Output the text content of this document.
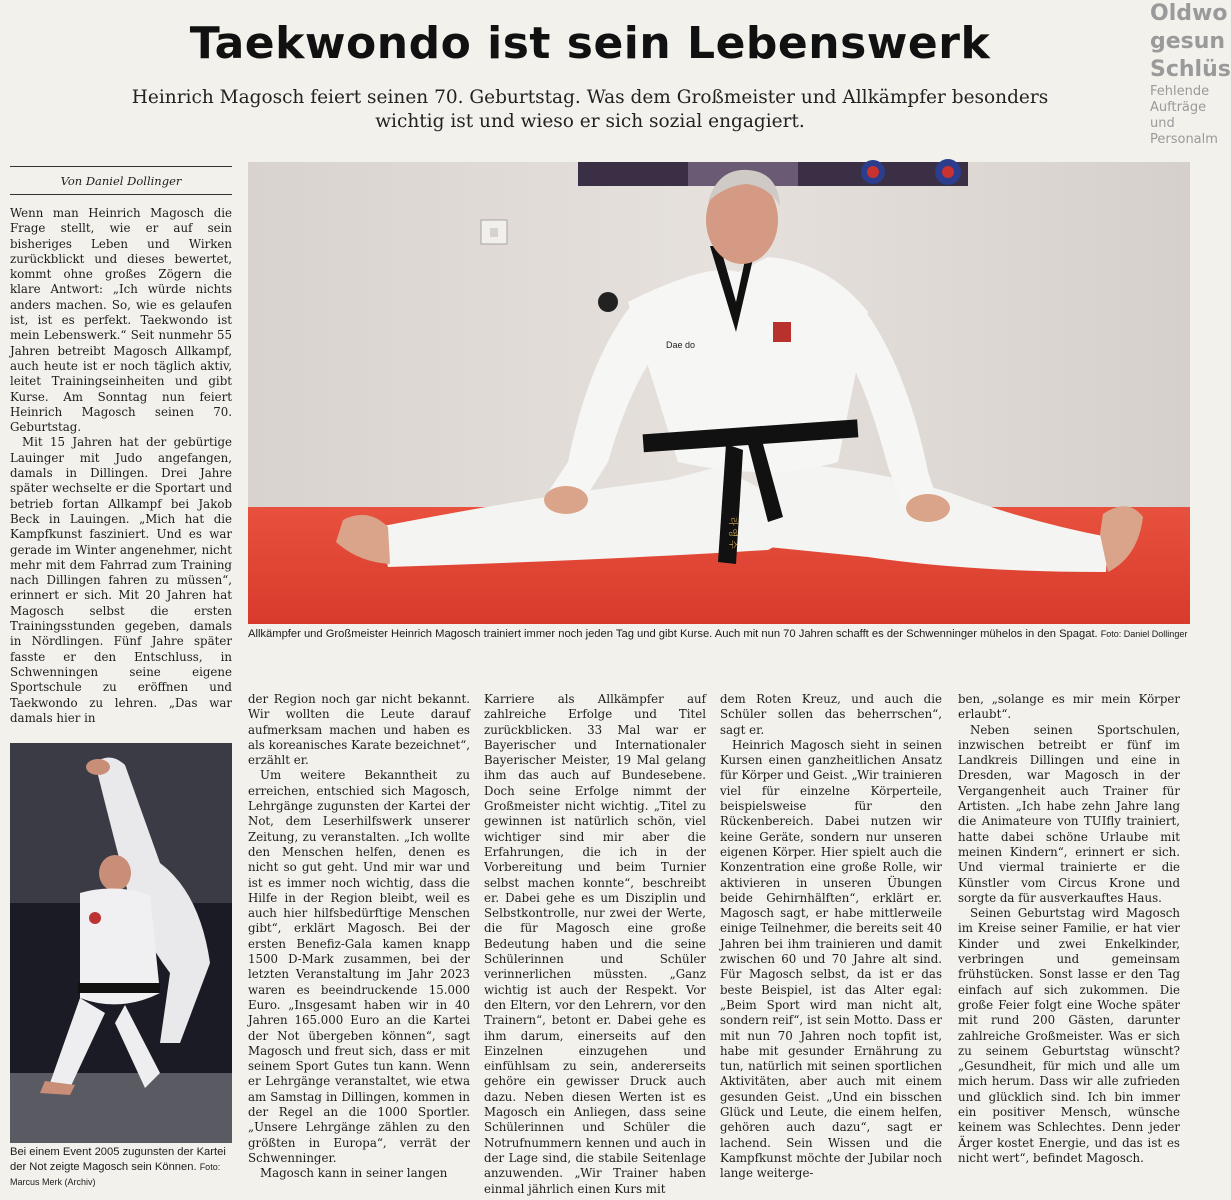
Taekwondo ist sein Lebenswerk
Heinrich Magosch feiert seinen 70. Geburtstag. Was dem Großmeister und Allkämpfer besonders wichtig ist und wieso er sich sozial engagiert.
Oldwo
gesun
Schlüs
Fehlende Aufträge
und Personalm
Von Daniel Dollinger

Wenn man Heinrich Magosch die Frage stellt, wie er auf sein bisheriges Leben und Wirken zurückblickt und dieses bewertet, kommt ohne großes Zögern die klare Antwort: „Ich würde nichts anders machen. So, wie es gelaufen ist, ist es perfekt. Taekwondo ist mein Lebenswerk.“ Seit nunmehr 55 Jahren betreibt Magosch Allkampf, auch heute ist er noch täglich aktiv, leitet Trainingseinheiten und gibt Kurse. Am Sonntag nun feiert Heinrich Magosch seinen 70. Geburtstag.

Mit 15 Jahren hat der gebürtige Lauinger mit Judo angefangen, damals in Dillingen. Drei Jahre später wechselte er die Sportart und betrieb fortan Allkampf bei Jakob Beck in Lauingen. „Mich hat die Kampfkunst fasziniert. Und es war gerade im Winter angenehmer, nicht mehr mit dem Fahrrad zum Training nach Dillingen fahren zu müssen“, erinnert er sich. Mit 20 Jahren hat Magosch selbst die ersten Trainingsstunden gegeben, damals in Nördlingen. Fünf Jahre später fasste er den Entschluss, in Schwenningen seine eigene Sportschule zu eröffnen und Taekwondo zu lehren. „Das war damals hier in

Dae do
라 영 수
Allkämpfer und Großmeister Heinrich Magosch trainiert immer noch jeden Tag und gibt Kurse. Auch mit nun 70 Jahren schafft es der Schwenninger mühelos in den Spagat. Foto: Daniel Dollinger
Bei einem Event 2005 zugunsten der Kartei der Not zeigte Magosch sein Können. Foto: Marcus Merk (Archiv)

der Region noch gar nicht bekannt. Wir wollten die Leute darauf aufmerksam machen und haben es als koreanisches Karate bezeichnet“, erzählt er.

Um weitere Bekanntheit zu erreichen, entschied sich Magosch, Lehrgänge zugunsten der Kartei der Not, dem Leserhilfswerk unserer Zeitung, zu veranstalten. „Ich wollte den Menschen helfen, denen es nicht so gut geht. Und mir war und ist es immer noch wichtig, dass die Hilfe in der Region bleibt, weil es auch hier hilfsbedürftige Menschen gibt“, erklärt Magosch. Bei der ersten Benefiz-Gala kamen knapp 1500 D-Mark zusammen, bei der letzten Veranstaltung im Jahr 2023 waren es beeindruckende 15.000 Euro. „Insgesamt haben wir in 40 Jahren 165.000 Euro an die Kartei der Not übergeben können“, sagt Magosch und freut sich, dass er mit seinem Sport Gutes tun kann. Wenn er Lehrgänge veranstaltet, wie etwa am Samstag in Dillingen, kommen in der Regel an die 1000 Sportler. „Unsere Lehrgänge zählen zu den größten in Europa“, verrät der Schwenninger.

Magosch kann in seiner langen

Karriere als Allkämpfer auf zahlreiche Erfolge und Titel zurückblicken. 33 Mal war er Bayerischer und Internationaler Bayerischer Meister, 19 Mal gelang ihm das auch auf Bundesebene. Doch seine Erfolge nimmt der Großmeister nicht wichtig. „Titel zu gewinnen ist natürlich schön, viel wichtiger sind mir aber die Erfahrungen, die ich in der Vorbereitung und beim Turnier selbst machen konnte“, beschreibt er. Dabei gehe es um Disziplin und Selbstkontrolle, nur zwei der Werte, die für Magosch eine große Bedeutung haben und die seine Schülerinnen und Schüler verinnerlichen müssten. „Ganz wichtig ist auch der Respekt. Vor den Eltern, vor den Lehrern, vor den Trainern“, betont er. Dabei gehe es ihm darum, einerseits auf den Einzelnen einzugehen und einfühlsam zu sein, andererseits gehöre ein gewisser Druck auch dazu. Neben diesen Werten ist es Magosch ein Anliegen, dass seine Schülerinnen und Schüler die Notrufnummern kennen und auch in der Lage sind, die stabile Seitenlage anzuwenden. „Wir Trainer haben einmal jährlich einen Kurs mit

dem Roten Kreuz, und auch die Schüler sollen das beherrschen“, sagt er.

Heinrich Magosch sieht in seinen Kursen einen ganzheitlichen Ansatz für Körper und Geist. „Wir trainieren viel für einzelne Körperteile, beispielsweise für den Rückenbereich. Dabei nutzen wir keine Geräte, sondern nur unseren eigenen Körper. Hier spielt auch die Konzentration eine große Rolle, wir aktivieren in unseren Übungen beide Gehirnhälften“, erklärt er. Magosch sagt, er habe mittlerweile einige Teilnehmer, die bereits seit 40 Jahren bei ihm trainieren und damit zwischen 60 und 70 Jahre alt sind. Für Magosch selbst, da ist er das beste Beispiel, ist das Alter egal: „Beim Sport wird man nicht alt, sondern reif“, ist sein Motto. Dass er mit nun 70 Jahren noch topfit ist, habe mit gesunder Ernährung zu tun, natürlich mit seinen sportlichen Aktivitäten, aber auch mit einem gesunden Geist. „Und ein bisschen Glück und Leute, die einem helfen, gehören auch dazu“, sagt er lachend. Sein Wissen und die Kampfkunst möchte der Jubilar noch lange weiterge-

ben, „solange es mir mein Körper erlaubt“.

Neben seinen Sportschulen, inzwischen betreibt er fünf im Landkreis Dillingen und eine in Dresden, war Magosch in der Vergangenheit auch Trainer für Artisten. „Ich habe zehn Jahre lang die Animateure von TUIfly trainiert, hatte dabei schöne Urlaube mit meinen Kindern“, erinnert er sich. Und viermal trainierte er die Künstler vom Circus Krone und sorgte da für ausverkauftes Haus.

Seinen Geburtstag wird Magosch im Kreise seiner Familie, er hat vier Kinder und zwei Enkelkinder, verbringen und gemeinsam frühstücken. Sonst lasse er den Tag einfach auf sich zukommen. Die große Feier folgt eine Woche später mit rund 200 Gästen, darunter zahlreiche Großmeister. Was er sich zu seinem Geburtstag wünscht? „Gesundheit, für mich und alle um mich herum. Dass wir alle zufrieden und glücklich sind. Ich bin immer ein positiver Mensch, wünsche keinem was Schlechtes. Denn jeder Ärger kostet Energie, und das ist es nicht wert“, befindet Magosch.
